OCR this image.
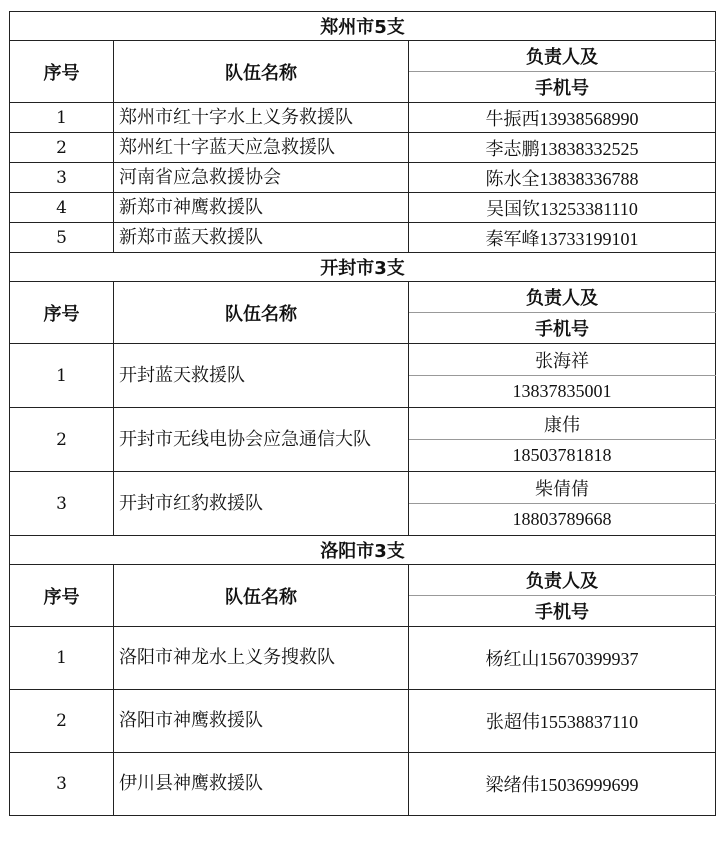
郑州市5支		
序号	队伍名称	负责人及
		手机号
1	郑州市红十字水上义务救援队	牛振西13938568990
2	郑州红十字蓝天应急救援队	李志鹏13838332525
3	河南省应急救援协会	陈水全13838336788
4	新郑市神鹰救援队	吴国钦13253381110
5	新郑市蓝天救援队	秦军峰13733199101
开封市3支		
序号	队伍名称	负责人及
		手机号
1	开封蓝天救援队	张海祥
		13837835001
2	开封市无线电协会应急通信大队	康伟
		18503781818
3	开封市红豹救援队	柴倩倩
		18803789668
洛阳市3支		
序号	队伍名称	负责人及
		手机号
1	洛阳市神龙水上义务搜救队	杨红山15670399937
2	洛阳市神鹰救援队	张超伟15538837110
3	伊川县神鹰救援队	梁绪伟15036999699
